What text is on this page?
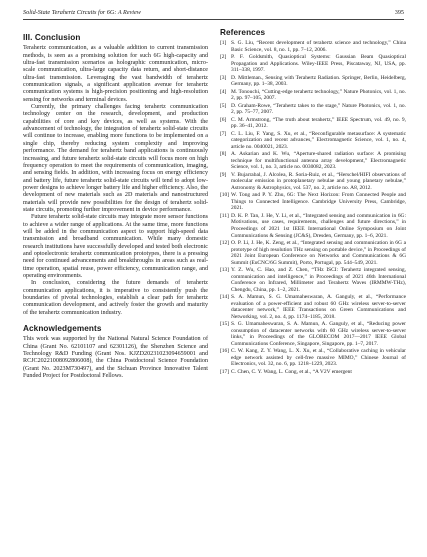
Solid-State Terahertz Circuits for 6G: A Review	395
III. Conclusion

Terahertz communication, as a valuable addition to current transmission methods, is seen as a promising solution for such 6G high-capacity and ultra-fast transmission scenarios as holographic communication, micro-scale communication, ultra-large capacity data return, and short-distance ultra-fast transmission. Leveraging the vast bandwidth of terahertz communication signals, a significant application avenue for terahertz communication systems is high-precision positioning and high-resolution sensing for networks and terminal devices.

Currently, the primary challenges facing terahertz communication technology center on the research, development, and production capabilities of core and key devices, as well as systems. With the advancement of technology, the integration of terahertz solid-state circuits will continue to increase, enabling more functions to be implemented on a single chip, thereby reducing system complexity and improving performance. The demand for terahertz band applications is continuously increasing, and future terahertz solid-state circuits will focus more on high frequency operation to meet the requirements of communication, imaging, and sensing fields. In addition, with increasing focus on energy efficiency and battery life, future terahertz solid-state circuits will tend to adopt low-power designs to achieve longer battery life and higher efficiency. Also, the development of new materials such as 2D materials and nanostructured materials will provide new possibilities for the design of terahertz solid-state circuits, promoting further improvement in device performance.

Future terahertz solid-state circuits may integrate more sensor functions to achieve a wider range of applications. At the same time, more functions will be added in the communication aspect to support high-speed data transmission and broadband communication. While many domestic research institutions have successfully developed and tested both electronic and optoelectronic terahertz communication prototypes, there is a pressing need for continued advancements and breakthroughs in areas such as real-time operation, spatial reuse, power efficiency, communication range, and operating environments.

In conclusion, considering the future demands of terahertz communication applications, it is imperative to consistently push the boundaries of pivotal technologies, establish a clear path for terahertz communication development, and actively foster the growth and maturity of the terahertz communication industry.

Acknowledgements

This work was supported by the National Natural Science Foundation of China (Grant No. 62101107 and 62301126), the Shenzhen Science and Technology R&D Funding (Grant Nos. KJZD20231023094659001 and RCJC20221008092806008), the China Postdoctoral Science Foundation (Grant No. 2023M730497), and the Sichuan Province Innovative Talent Funded Project for Postdoctoral Fellows.

References
[1] S. G. Liu, “Recent development of terahertz science and technology,” China Basic Science, vol. 8, no. 1, pp. 7–12, 2006.
[2] P. F. Goldsmith, Quasioptical Systems: Gaussian Beam Quasioptical Propagation and Applications. Wiley-IEEE Press, Piscataway, NJ, USA, pp. 311–338, 1997.
[3] D. Mittleman., Sensing with Terahertz Radiation. Springer, Berlin, Heidelberg, Germany, pp. 1–38, 2003.
[4] M. Tonouchi, “Cutting-edge terahertz technology,” Nature Photonics, vol. 1, no. 2, pp. 97–105, 2007.
[5] D. Graham-Rowe, “Terahertz takes to the stage,” Nature Photonics, vol. 1, no. 2, pp. 75–77, 2007.
[6] C. M. Armstrong, “The truth about terahertz,” IEEE Spectrum, vol. 49, no. 9, pp. 36–41, 2012.
[7] C. L. Liu, F. Yang, S. Xu, et al., “Reconfigurable metasurface: A systematic categorization and recent advances,” Electromagnetic Science, vol. 1, no. 4, article no. 0040021, 2023.
[8] A. Askarian and K. Wu, “Aperture-shared radiation surface: A promising technique for multifunctional antenna array development,” Electromagnetic Science, vol. 1, no. 3, article no. 0030082, 2023.
[9] V. Bujarrabal, J. Alcolea, R. Soria-Ruiz, et al., “Herschel/HIFI observations of molecular emission in protoplanetary nebulae and young planetary nebulae,” Astronomy & Astrophysics, vol. 537, no. 2, article no. A8, 2012.
[10] W. Tong and P. Y. Zhu, 6G: The Next Horizon: From Connected People and Things to Connected Intelligence. Cambridge University Press, Cambridge, 2021.
[11] D. K. P. Tan, J. He, Y. Li, et al., “Integrated sensing and communication in 6G: Motivations, use cases, requirements, challenges and future directions,” in Proceedings of 2021 1st IEEE International Online Symposium on Joint Communications & Sensing (JC&S), Dresden, Germany, pp. 1–6, 2021.
[12] O. P. Li, J. He, K. Zeng, et al., “Integrated sensing and communication in 6G a prototype of high resolution THz sensing on portable device,” in Proceedings of 2021 Joint European Conference on Networks and Communications & 6G Summit (EuCNC/6G Summit), Porto, Portugal, pp. 544–549, 2021.
[13] Y. Z. Wu, C. Hao, and Z. Chen, “THz ISCI: Terahertz integrated sensing, communication and intelligence,” in Proceedings of 2021 46th International Conference on Infrared, Millimeter and Terahertz Waves (IRMMW-THz), Chengdu, China, pp. 1–2, 2021.
[14] S. A. Mamun, S. G. Umamaheswaran, A. Ganguly, et al., “Performance evaluation of a power-efficient and robust 60 GHz wireless server-to-server datacenter network,” IEEE Transactions on Green Communications and Networking, vol. 2, no. 4, pp. 1174–1185, 2018.
[15] S. G. Umamaheswaran, S. A. Mamun, A. Ganguly, et al., “Reducing power consumption of datacenter networks with 60 GHz wireless server-to-server links,” in Proceedings of the GLOBECOM 2017—2017 IEEE Global Communications Conference, Singapore, Singapore, pp. 1–7, 2017.
[16] C. W. Kang, Z. Y. Wang, L. X. Xu, et al., “Collaborative caching in vehicular edge network assisted by cell-free massive MIMO,” Chinese Journal of Electronics, vol. 32, no. 6, pp. 1218–1229, 2023.
[17] C. Chen, C. Y. Wang, L. Cong, et al., “A V2V emergent
